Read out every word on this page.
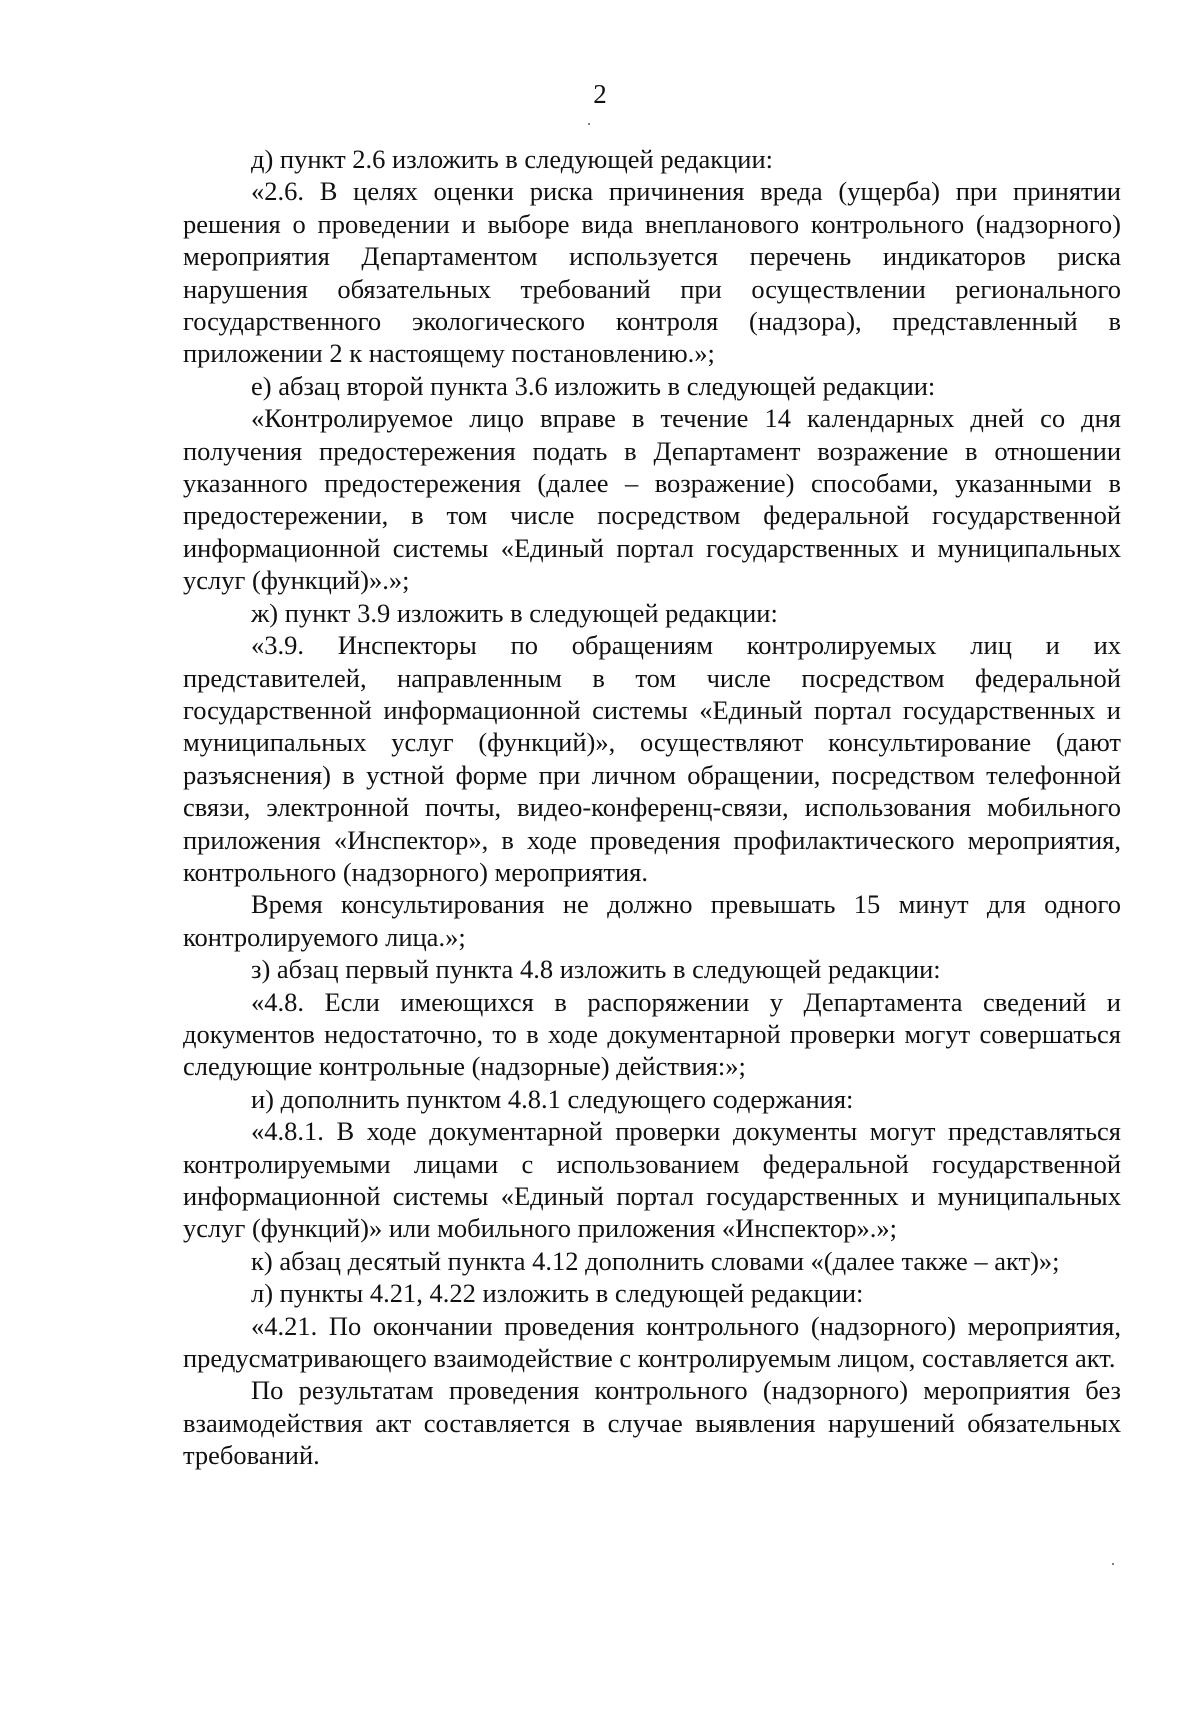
2

д) пункт 2.6 изложить в следующей редакции:

«2.6. В целях оценки риска причинения вреда (ущерба) при принятии решения о проведении и выборе вида внепланового контрольного (надзорного) мероприятия Департаментом используется перечень индикаторов риска нарушения обязательных требований при осуществлении регионального государственного экологического контроля (надзора), представленный в приложении 2 к настоящему постановлению.»;

е) абзац второй пункта 3.6 изложить в следующей редакции:

«Контролируемое лицо вправе в течение 14 календарных дней со дня получения предостережения подать в Департамент возражение в отношении указанного предостережения (далее – возражение) способами, указанными в предостережении, в том числе посредством федеральной государственной информационной системы «Единый портал государственных и муниципальных услуг (функций)».»;

ж) пункт 3.9 изложить в следующей редакции:

«3.9. Инспекторы по обращениям контролируемых лиц и их представителей, направленным в том числе посредством федеральной государственной информационной системы «Единый портал государственных и муниципальных услуг (функций)», осуществляют консультирование (дают разъяснения) в устной форме при личном обращении, посредством телефонной связи, электронной почты, видео-конференц-связи, использования мобильного приложения «Инспектор», в ходе проведения профилактического мероприятия, контрольного (надзорного) мероприятия.

Время консультирования не должно превышать 15 минут для одного контролируемого лица.»;

з) абзац первый пункта 4.8 изложить в следующей редакции:

«4.8. Если имеющихся в распоряжении у Департамента сведений и документов недостаточно, то в ходе документарной проверки могут совершаться следующие контрольные (надзорные) действия:»;

и) дополнить пунктом 4.8.1 следующего содержания:

«4.8.1. В ходе документарной проверки документы могут представляться контролируемыми лицами с использованием федеральной государственной информационной системы «Единый портал государственных и муниципальных услуг (функций)» или мобильного приложения «Инспектор».»;

к) абзац десятый пункта 4.12 дополнить словами «(далее также – акт)»;

л) пункты 4.21, 4.22 изложить в следующей редакции:

«4.21. По окончании проведения контрольного (надзорного) мероприятия, предусматривающего взаимодействие с контролируемым лицом, составляется акт.

По результатам проведения контрольного (надзорного) мероприятия без взаимодействия акт составляется в случае выявления нарушений обязательных требований.
